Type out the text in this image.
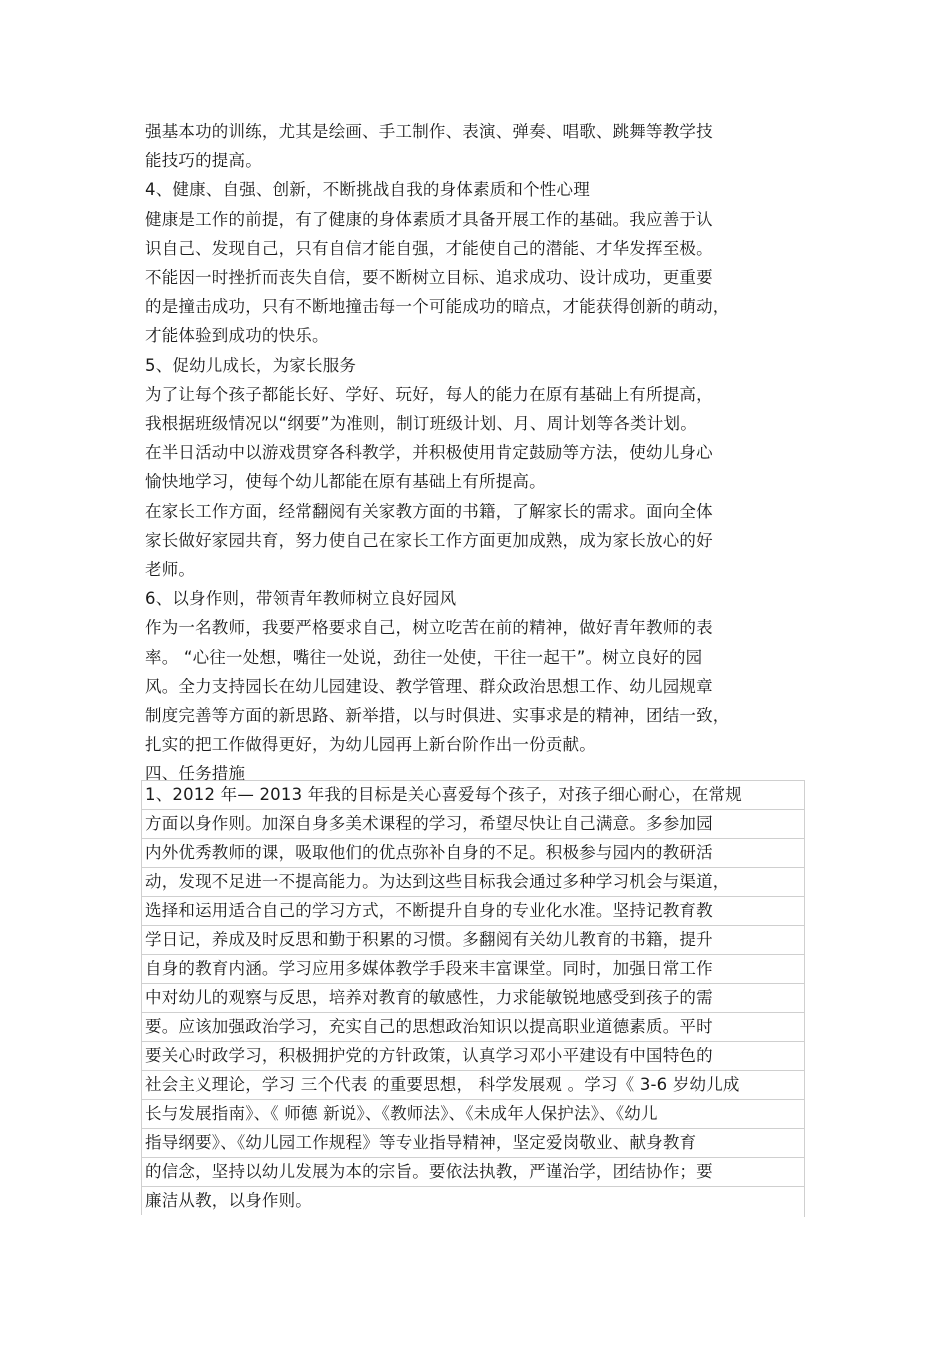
强基本功的训练，尤其是绘画、手工制作、表演、弹奏、唱歌、跳舞等教学技
能技巧的提高。
4、健康、自强、创新，不断挑战自我的身体素质和个性心理
健康是工作的前提，有了健康的身体素质才具备开展工作的基础。我应善于认
识自己、发现自己，只有自信才能自强，才能使自己的潜能、才华发挥至极。
不能因一时挫折而丧失自信，要不断树立目标、追求成功、设计成功，更重要
的是撞击成功，只有不断地撞击每一个可能成功的暗点，才能获得创新的萌动，
才能体验到成功的快乐。
5、促幼儿成长，为家长服务
为了让每个孩子都能长好、学好、玩好，每人的能力在原有基础上有所提高，
我根据班级情况以“纲要”为准则，制订班级计划、月、周计划等各类计划。
在半日活动中以游戏贯穿各科教学，并积极使用肯定鼓励等方法，使幼儿身心
愉快地学习，使每个幼儿都能在原有基础上有所提高。
在家长工作方面，经常翻阅有关家教方面的书籍，了解家长的需求。面向全体
家长做好家园共育，努力使自己在家长工作方面更加成熟，成为家长放心的好
老师。
6、以身作则，带领青年教师树立良好园风
作为一名教师，我要严格要求自己，树立吃苦在前的精神，做好青年教师的表
率。 “心往一处想，嘴往一处说，劲往一处使，干往一起干”。树立良好的园
风。全力支持园长在幼儿园建设、教学管理、群众政治思想工作、幼儿园规章
制度完善等方面的新思路、新举措，以与时俱进、实事求是的精神，团结一致，
扎实的把工作做得更好，为幼儿园再上新台阶作出一份贡献。
四、任务措施
1、2012 年— 2013 年我的目标是关心喜爱每个孩子，对孩子细心耐心，在常规
方面以身作则。加深自身多美术课程的学习，希望尽快让自己满意。多参加园
内外优秀教师的课，吸取他们的优点弥补自身的不足。积极参与园内的教研活
动，发现不足进一不提高能力。为达到这些目标我会通过多种学习机会与渠道，
选择和运用适合自己的学习方式，不断提升自身的专业化水准。坚持记教育教
学日记，养成及时反思和勤于积累的习惯。多翻阅有关幼儿教育的书籍，提升
自身的教育内涵。学习应用多媒体教学手段来丰富课堂。同时，加强日常工作
中对幼儿的观察与反思，培养对教育的敏感性，力求能敏锐地感受到孩子的需
要。应该加强政治学习，充实自己的思想政治知识以提高职业道德素质。平时
要关心时政学习，积极拥护党的方针政策，认真学习邓小平建设有中国特色的
社会主义理论，学习 三个代表 的重要思想， 科学发展观 。学习《 3-6 岁幼儿成
长与发展指南》、《 师德 新说》、《教师法》、《未成年人保护法》、《幼儿
指导纲要》、《幼儿园工作规程》等专业指导精神，坚定爱岗敬业、献身教育
的信念，坚持以幼儿发展为本的宗旨。要依法执教，严谨治学，团结协作；要
廉洁从教，以身作则。
